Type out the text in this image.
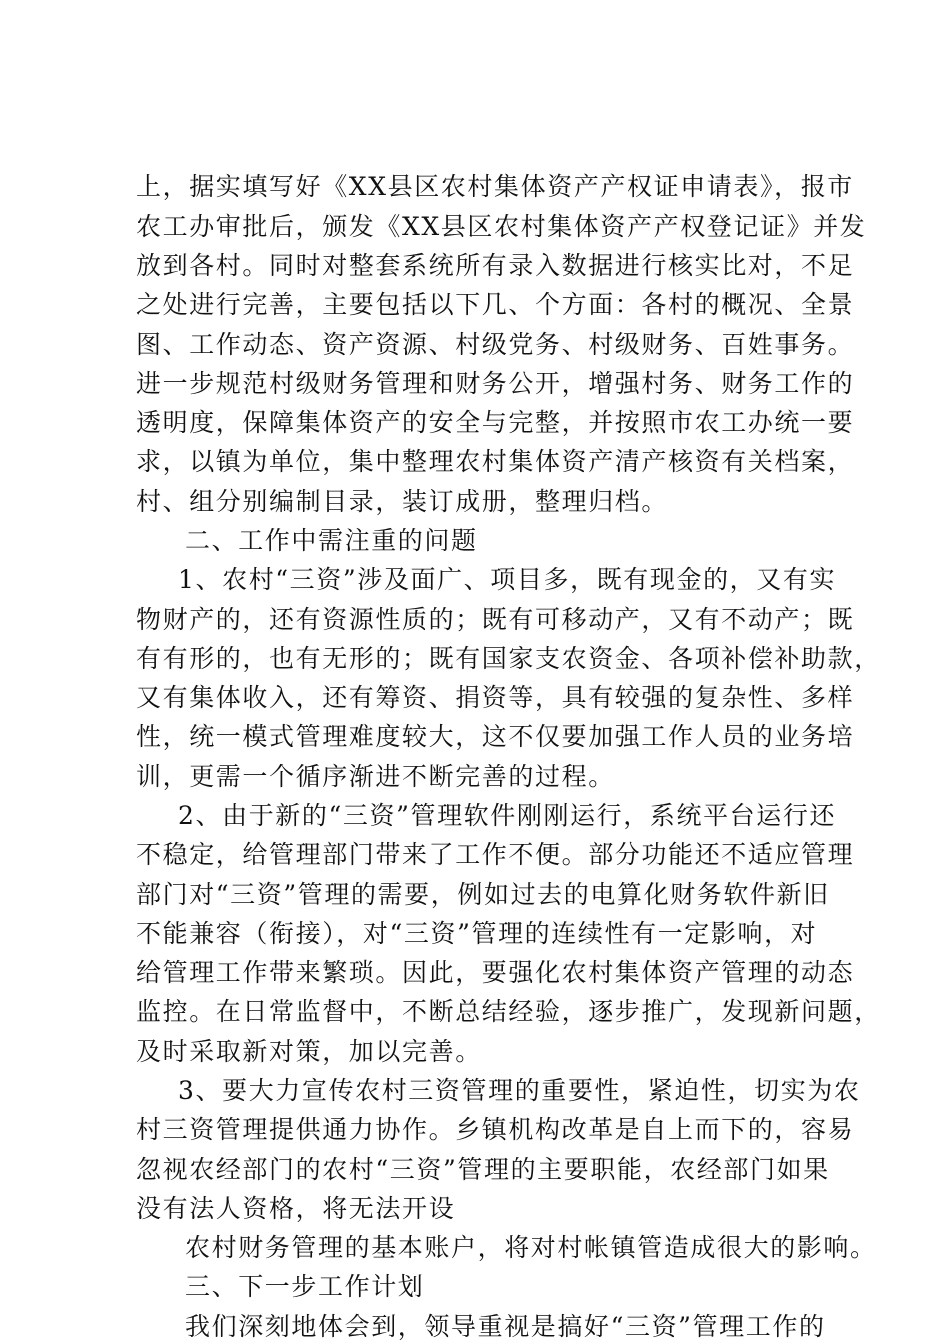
上，据实填写好《XX县区农村集体资产产权证申请表》，报市
农工办审批后，颁发《XX县区农村集体资产产权登记证》并发
放到各村。同时对整套系统所有录入数据进行核实比对，不足
之处进行完善，主要包括以下几、个方面：各村的概况、全景
图、工作动态、资产资源、村级党务、村级财务、百姓事务。
进一步规范村级财务管理和财务公开，增强村务、财务工作的
透明度，保障集体资产的安全与完整，并按照市农工办统一要
求，以镇为单位，集中整理农村集体资产清产核资有关档案，
村、组分别编制目录，装订成册，整理归档。
二、工作中需注重的问题
1、农村“三资”涉及面广、项目多，既有现金的，又有实
物财产的，还有资源性质的；既有可移动产，又有不动产；既
有有形的，也有无形的；既有国家支农资金、各项补偿补助款，
又有集体收入，还有筹资、捐资等，具有较强的复杂性、多样
性，统一模式管理难度较大，这不仅要加强工作人员的业务培
训，更需一个循序渐进不断完善的过程。
2、由于新的“三资”管理软件刚刚运行，系统平台运行还
不稳定，给管理部门带来了工作不便。部分功能还不适应管理
部门对“三资”管理的需要，例如过去的电算化财务软件新旧
不能兼容（衔接），对“三资”管理的连续性有一定影响，对
给管理工作带来繁琐。因此，要强化农村集体资产管理的动态
监控。在日常监督中，不断总结经验，逐步推广，发现新问题，
及时采取新对策，加以完善。
3、要大力宣传农村三资管理的重要性，紧迫性，切实为农
村三资管理提供通力协作。乡镇机构改革是自上而下的，容易
忽视农经部门的农村“三资”管理的主要职能，农经部门如果
没有法人资格，将无法开设
农村财务管理的基本账户，将对村帐镇管造成很大的影响。
三、下一步工作计划
我们深刻地体会到，领导重视是搞好“三资”管理工作的
